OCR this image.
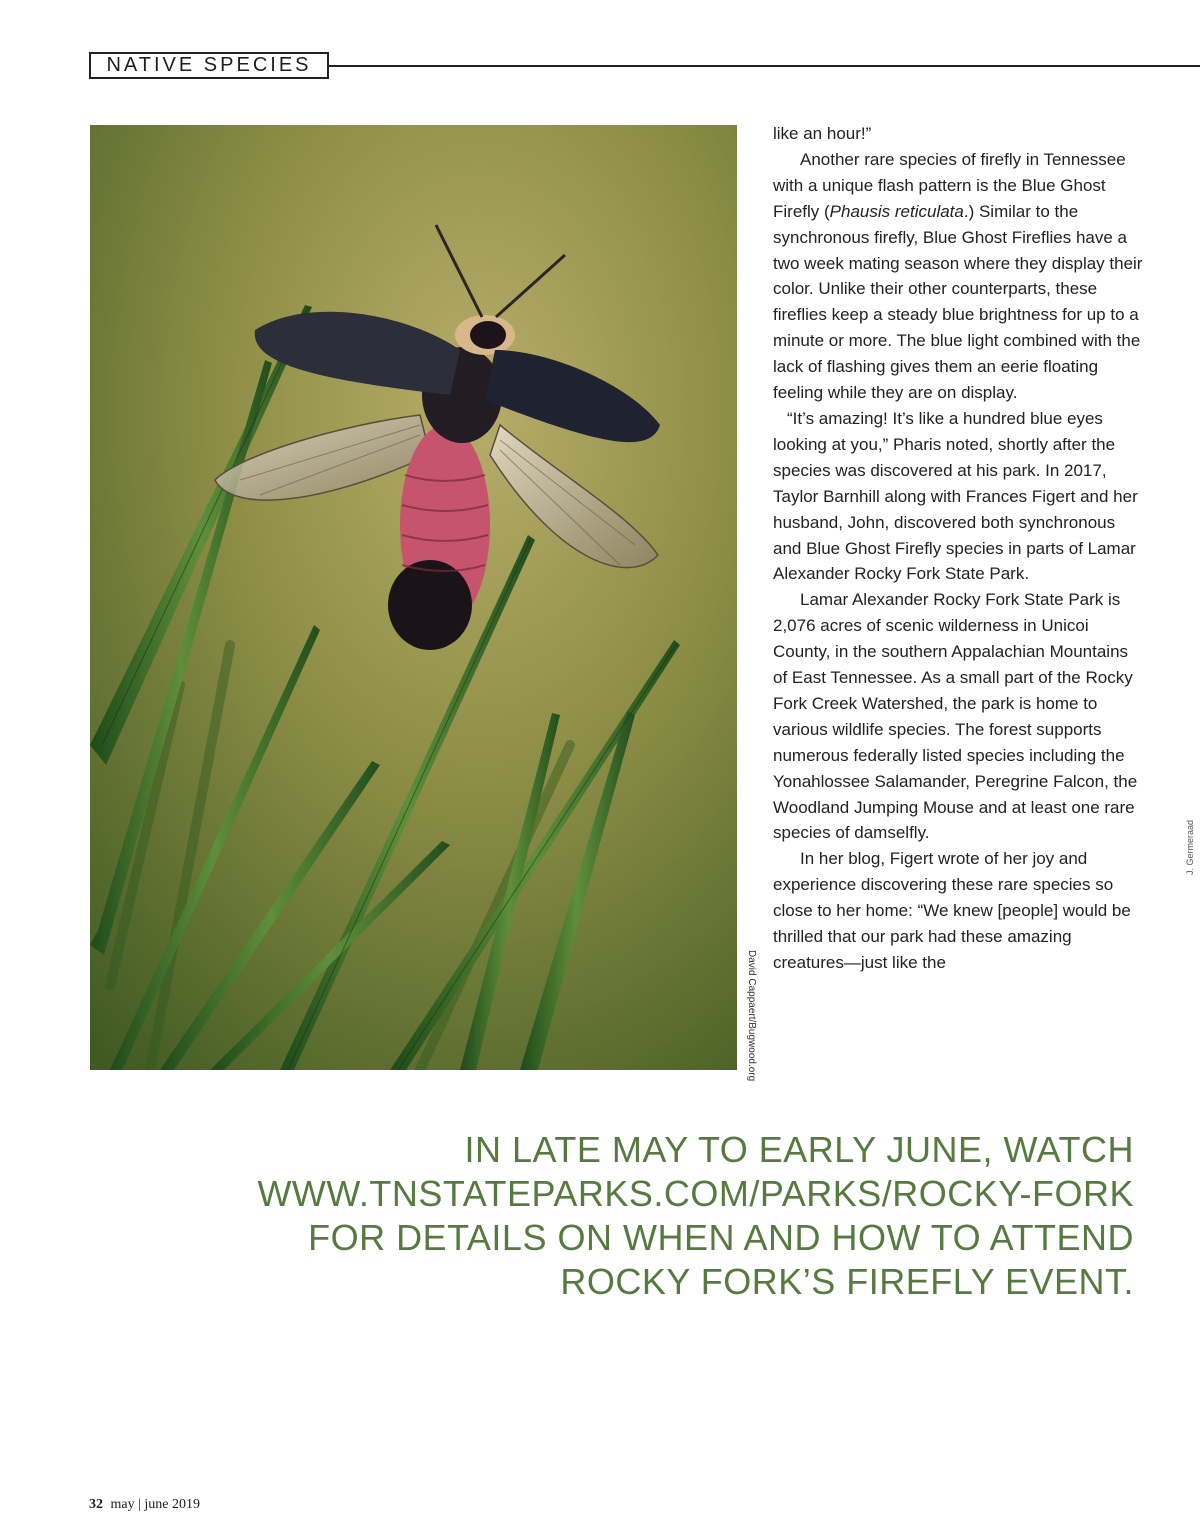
NATIVE SPECIES
David Cappaert/Bugwood.org
J. Germeraad

like an hour!”

Another rare species of firefly in Tennessee with a unique flash pattern is the Blue Ghost Firefly (Phausis reticulata.) Similar to the synchronous firefly, Blue Ghost Fireflies have a two week mating season where they display their color. Unlike their other counterparts, these fireflies keep a steady blue brightness for up to a minute or more. The blue light combined with the lack of flashing gives them an eerie floating feeling while they are on display.

“It’s amazing! It’s like a hundred blue eyes looking at you,” Pharis noted, shortly after the species was discovered at his park. In 2017, Taylor Barnhill along with Frances Figert and her husband, John, discovered both synchronous and Blue Ghost Firefly species in parts of Lamar Alexander Rocky Fork State Park.

Lamar Alexander Rocky Fork State Park is 2,076 acres of scenic wilderness in Unicoi County, in the southern Appalachian Mountains of East Tennessee. As a small part of the Rocky Fork Creek Watershed, the park is home to various wildlife species. The forest supports numerous federally listed species including the Yonahlossee Salamander, Peregrine Falcon, the Woodland Jumping Mouse and at least one rare species of damselfly.

In her blog, Figert wrote of her joy and experience discovering these rare species so close to her home: “We knew [people] would be thrilled that our park had these amazing creatures—just like the

IN LATE MAY TO EARLY JUNE, WATCH
WWW.TNSTATEPARKS.COM/PARKS/ROCKY-FORK
FOR DETAILS ON WHEN AND HOW TO ATTEND
ROCKY FORK’S FIREFLY EVENT.
32 may | june 2019
